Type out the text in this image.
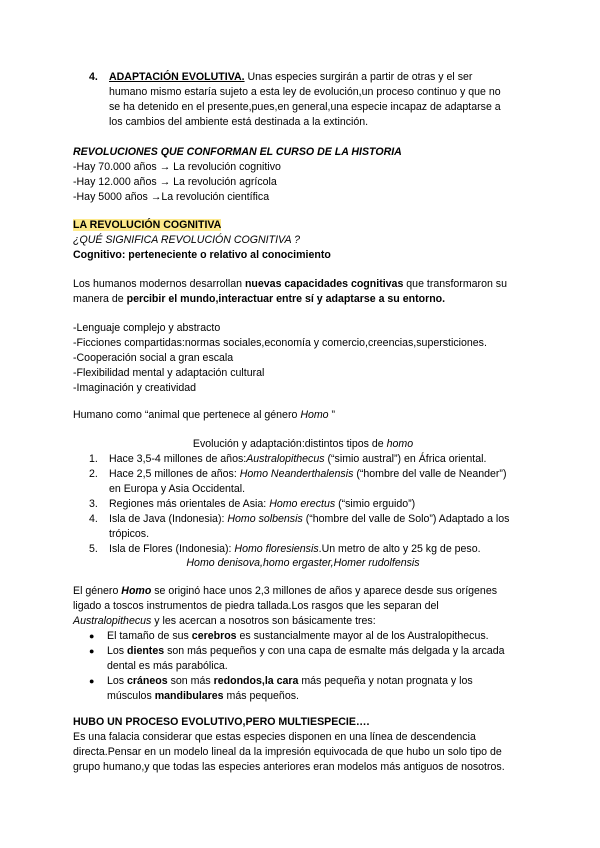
4. ADAPTACIÓN EVOLUTIVA. Unas especies surgirán a partir de otras y el ser
humano mismo estaría sujeto a esta ley de evolución,un proceso continuo y que no
se ha detenido en el presente,pues,en general,una especie incapaz de adaptarse a
los cambios del ambiente está destinada a la extinción.

REVOLUCIONES QUE CONFORMAN EL CURSO DE LA HISTORIA

-Hay 70.000 años → La revolución cognitivo

-Hay 12.000 años → La revolución agrícola

-Hay 5000 años →La revolución científica

LA REVOLUCIÓN COGNITIVA

¿QUÉ SIGNIFICA REVOLUCIÓN COGNITIVA ?

Cognitivo: perteneciente o relativo al conocimiento

Los humanos modernos desarrollan nuevas capacidades cognitivas que transformaron su

manera de percibir el mundo,interactuar entre sí y adaptarse a su entorno.

-Lenguaje complejo y abstracto

-Ficciones compartidas:normas sociales,economía y comercio,creencias,supersticiones.

-Cooperación social a gran escala

-Flexibilidad mental y adaptación cultural

-Imaginación y creatividad

Humano como “animal que pertenece al género Homo ”

Evolución y adaptación:distintos tipos de homo

1. Hace 3,5-4 millones de años:Australopithecus (“simio austral”) en África oriental.
2. Hace 2,5 millones de años: Homo Neanderthalensis (“hombre del valle de Neander”)
en Europa y Asia Occidental.
3. Regiones más orientales de Asia: Homo erectus (“simio erguido”)
4. Isla de Java (Indonesia): Homo solbensis (“hombre del valle de Solo”) Adaptado a los
trópicos.
5. Isla de Flores (Indonesia): Homo floresiensis.Un metro de alto y 25 kg de peso.

Homo denisova,homo ergaster,Homer rudolfensis

El género Homo se originó hace unos 2,3 millones de años y aparece desde sus orígenes

ligado a toscos instrumentos de piedra tallada.Los rasgos que les separan del

Australopithecus y les acercan a nosotros son básicamente tres:

● El tamaño de sus cerebros es sustancialmente mayor al de los Australopithecus.
● Los dientes son más pequeños y con una capa de esmalte más delgada y la arcada
dental es más parabólica.
● Los cráneos son más redondos,la cara más pequeña y notan prognata y los
músculos mandibulares más pequeños.

HUBO UN PROCESO EVOLUTIVO,PERO MULTIESPECIE….

Es una falacia considerar que estas especies disponen en una línea de descendencia

directa.Pensar en un modelo lineal da la impresión equivocada de que hubo un solo tipo de

grupo humano,y que todas las especies anteriores eran modelos más antiguos de nosotros.
